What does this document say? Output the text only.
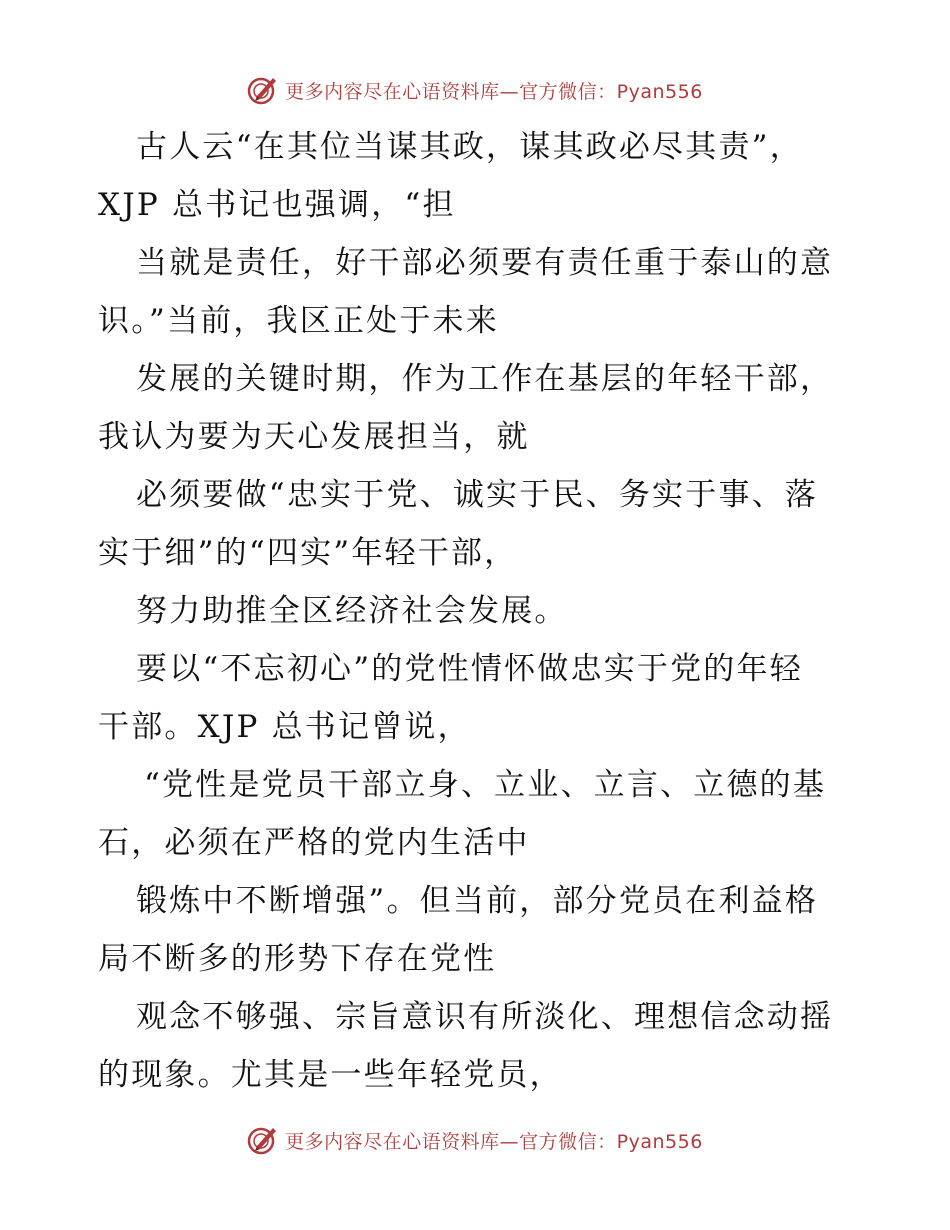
更多内容尽在心语资料库—官方微信：Pyan556
古人云“在其位当谋其政，谋其政必尽其责”，
XJP 总书记也强调，“担
当就是责任，好干部必须要有责任重于泰山的意
识。”当前，我区正处于未来
发展的关键时期，作为工作在基层的年轻干部，
我认为要为天心发展担当，就
必须要做“忠实于党、诚实于民、务实于事、落
实于细”的“四实”年轻干部，
努力助推全区经济社会发展。
要以“不忘初心”的党性情怀做忠实于党的年轻
干部。XJP 总书记曾说，
“党性是党员干部立身、立业、立言、立德的基
石，必须在严格的党内生活中
锻炼中不断增强”。但当前，部分党员在利益格
局不断多的形势下存在党性
观念不够强、宗旨意识有所淡化、理想信念动摇
的现象。尤其是一些年轻党员，
更多内容尽在心语资料库—官方微信：Pyan556
